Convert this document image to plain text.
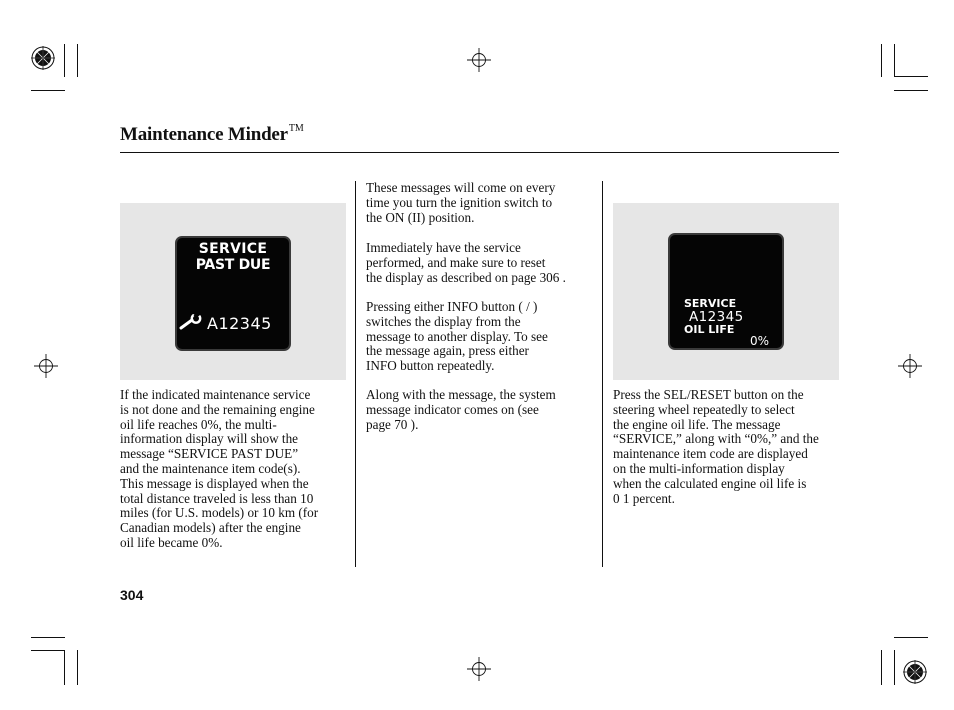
Maintenance Minder™
SERVICE
PAST DUE
A12345
SERVICE
A12345
OIL LIFE
0%
If the indicated maintenance service
is not done and the remaining engine
oil life reaches 0%, the multi-
information display will show the
message “SERVICE PAST DUE”
and the maintenance item code(s).
This message is displayed when the
total distance traveled is less than 10
miles (for U.S. models) or 10 km (for
Canadian models) after the engine
oil life became 0%.
These messages will come on every
time you turn the ignition switch to
the ON (II) position.
Immediately have the service
performed, and make sure to reset
the display as described on page 306 .
Pressing either INFO button ( / )
switches the display from the
message to another display. To see
the message again, press either
INFO button repeatedly.
Along with the message, the system
message indicator comes on (see
page 70 ).
Press the SEL/RESET button on the
steering wheel repeatedly to select
the engine oil life. The message
“SERVICE,” along with “0%,” and the
maintenance item code are displayed
on the multi-information display
when the calculated engine oil life is
0 1 percent.
304
